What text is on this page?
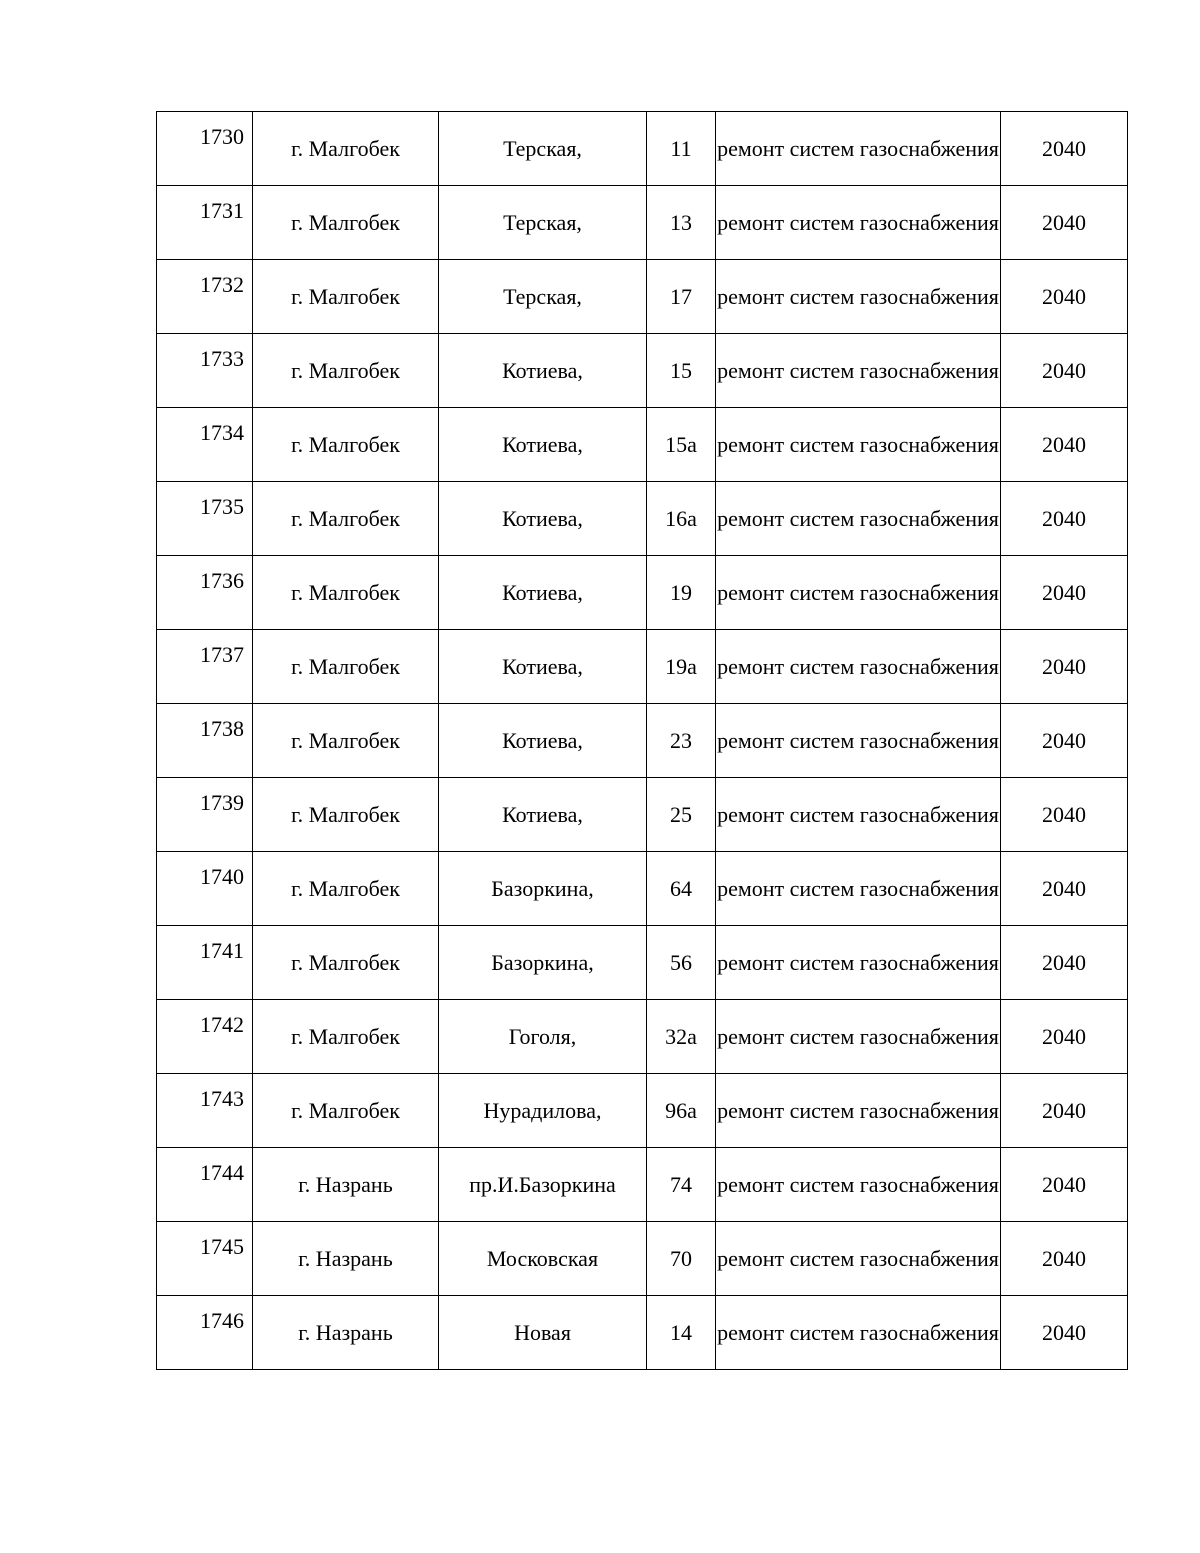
1730	г. Малгобек	Терская,	11	ремонт систем газоснабжения	2040
1731	г. Малгобек	Терская,	13	ремонт систем газоснабжения	2040
1732	г. Малгобек	Терская,	17	ремонт систем газоснабжения	2040
1733	г. Малгобек	Котиева,	15	ремонт систем газоснабжения	2040
1734	г. Малгобек	Котиева,	15а	ремонт систем газоснабжения	2040
1735	г. Малгобек	Котиева,	16а	ремонт систем газоснабжения	2040
1736	г. Малгобек	Котиева,	19	ремонт систем газоснабжения	2040
1737	г. Малгобек	Котиева,	19а	ремонт систем газоснабжения	2040
1738	г. Малгобек	Котиева,	23	ремонт систем газоснабжения	2040
1739	г. Малгобек	Котиева,	25	ремонт систем газоснабжения	2040
1740	г. Малгобек	Базоркина,	64	ремонт систем газоснабжения	2040
1741	г. Малгобек	Базоркина,	56	ремонт систем газоснабжения	2040
1742	г. Малгобек	Гоголя,	32а	ремонт систем газоснабжения	2040
1743	г. Малгобек	Нурадилова,	96а	ремонт систем газоснабжения	2040
1744	г. Назрань	пр.И.Базоркина	74	ремонт систем газоснабжения	2040
1745	г. Назрань	Московская	70	ремонт систем газоснабжения	2040
1746	г. Назрань	Новая	14	ремонт систем газоснабжения	2040
